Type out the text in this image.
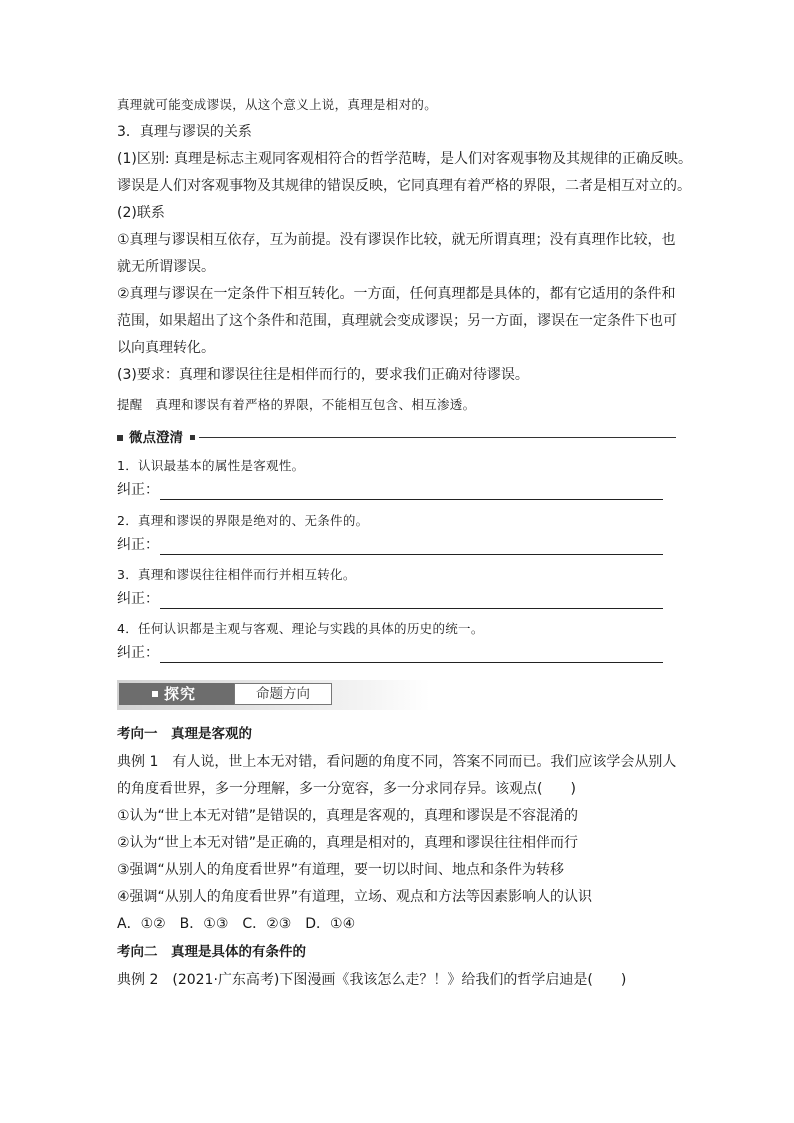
真理就可能变成谬误，从这个意义上说，真理是相对的。
3．真理与谬误的关系
(1)区别: 真理是标志主观同客观相符合的哲学范畴，是人们对客观事物及其规律的正确反映。
谬误是人们对客观事物及其规律的错误反映，它同真理有着严格的界限，二者是相互对立的。
(2)联系
①真理与谬误相互依存，互为前提。没有谬误作比较，就无所谓真理；没有真理作比较，也
就无所谓谬误。
②真理与谬误在一定条件下相互转化。一方面，任何真理都是具体的，都有它适用的条件和
范围，如果超出了这个条件和范围，真理就会变成谬误；另一方面，谬误在一定条件下也可
以向真理转化。
(3)要求：真理和谬误往往是相伴而行的，要求我们正确对待谬误。
提醒　真理和谬误有着严格的界限，不能相互包含、相互渗透。
微点澄清
1．认识最基本的属性是客观性。
纠正：
2．真理和谬误的界限是绝对的、无条件的。
纠正：
3．真理和谬误往往相伴而行并相互转化。
纠正：
4．任何认识都是主观与客观、理论与实践的具体的历史的统一。
纠正：
探究	命题方向
考向一　真理是客观的
典例 1　有人说，世上本无对错，看问题的角度不同，答案不同而已。我们应该学会从别人
的角度看世界，多一分理解，多一分宽容，多一分求同存异。该观点(　　)
①认为“世上本无对错”是错误的，真理是客观的，真理和谬误是不容混淆的
②认为“世上本无对错”是正确的，真理是相对的，真理和谬误往往相伴而行
③强调“从别人的角度看世界”有道理，要一切以时间、地点和条件为转移
④强调“从别人的角度看世界”有道理，立场、观点和方法等因素影响人的认识
A．①②　B．①③　C．②③　D．①④
考向二　真理是具体的有条件的
典例 2　(2021·广东高考)下图漫画《我该怎么走？！》给我们的哲学启迪是(　　)
